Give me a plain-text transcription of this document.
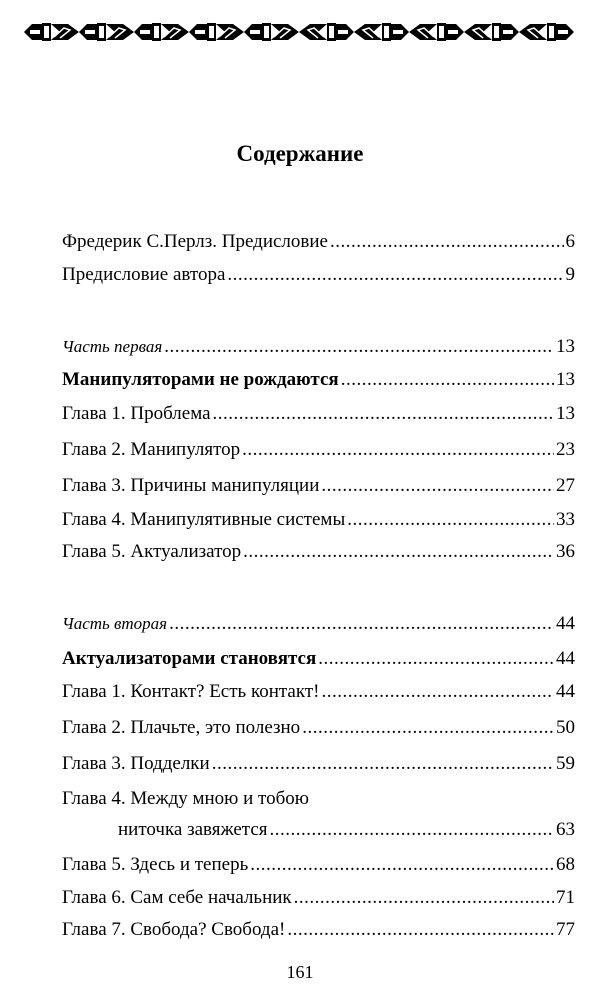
Содержание
Фредерик С.Перлз. Предисловие .....	6
Предисловие автора .....	9
Часть первая .....	13
Манипуляторами не рождаются .....	13
Глава 1. Проблема .....	13
Глава 2. Манипулятор .....	23
Глава 3. Причины манипуляции .....	27
Глава 4. Манипулятивные системы .....	33
Глава 5. Актуализатор .....	36
Часть вторая .....	44
Актуализаторами становятся .....	44
Глава 1. Контакт? Есть контакт! .....	44
Глава 2. Плачьте, это полезно .....	50
Глава 3. Подделки .....	59
Глава 4. Между мною и тобою
ниточка завяжется .....	63
Глава 5. Здесь и теперь .....	68
Глава 6. Сам себе начальник .....	71
Глава 7. Свобода? Свобода! .....	77
161
